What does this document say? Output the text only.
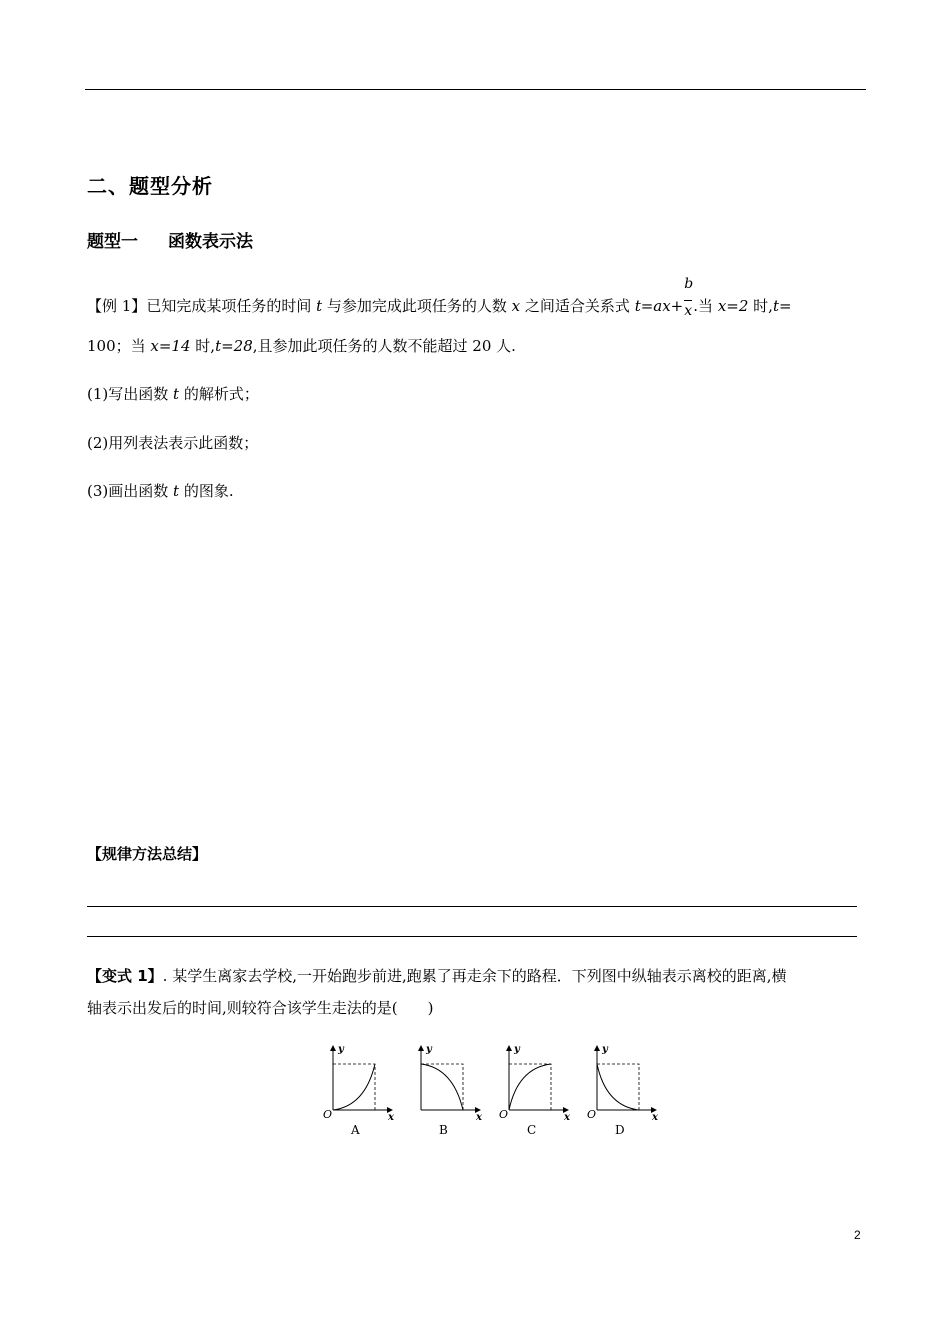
二、题型分析
题型一 函数表示法
【例 1】已知完成某项任务的时间 t 与参加完成此项任务的人数 x 之间适合关系式 $t=ax+ \frac{b}{x}$ .当 x=2 时,t=
100；当 x=14 时,t=28,且参加此项任务的人数不能超过 20 人.
(1)写出函数 t 的解析式；
(2)用列表法表示此函数；
(3)画出函数 t 的图象.
【规律方法总结】
【变式 1】. 某学生离家去学校,一开始跑步前进,跑累了再走余下的路程．下列图中纵轴表示离校的距离,横
轴表示出发后的时间,则较符合该学生走法的是(　　)
y
x
O
A
y
x
B
y
x
O
C
y
x
O
D
2
